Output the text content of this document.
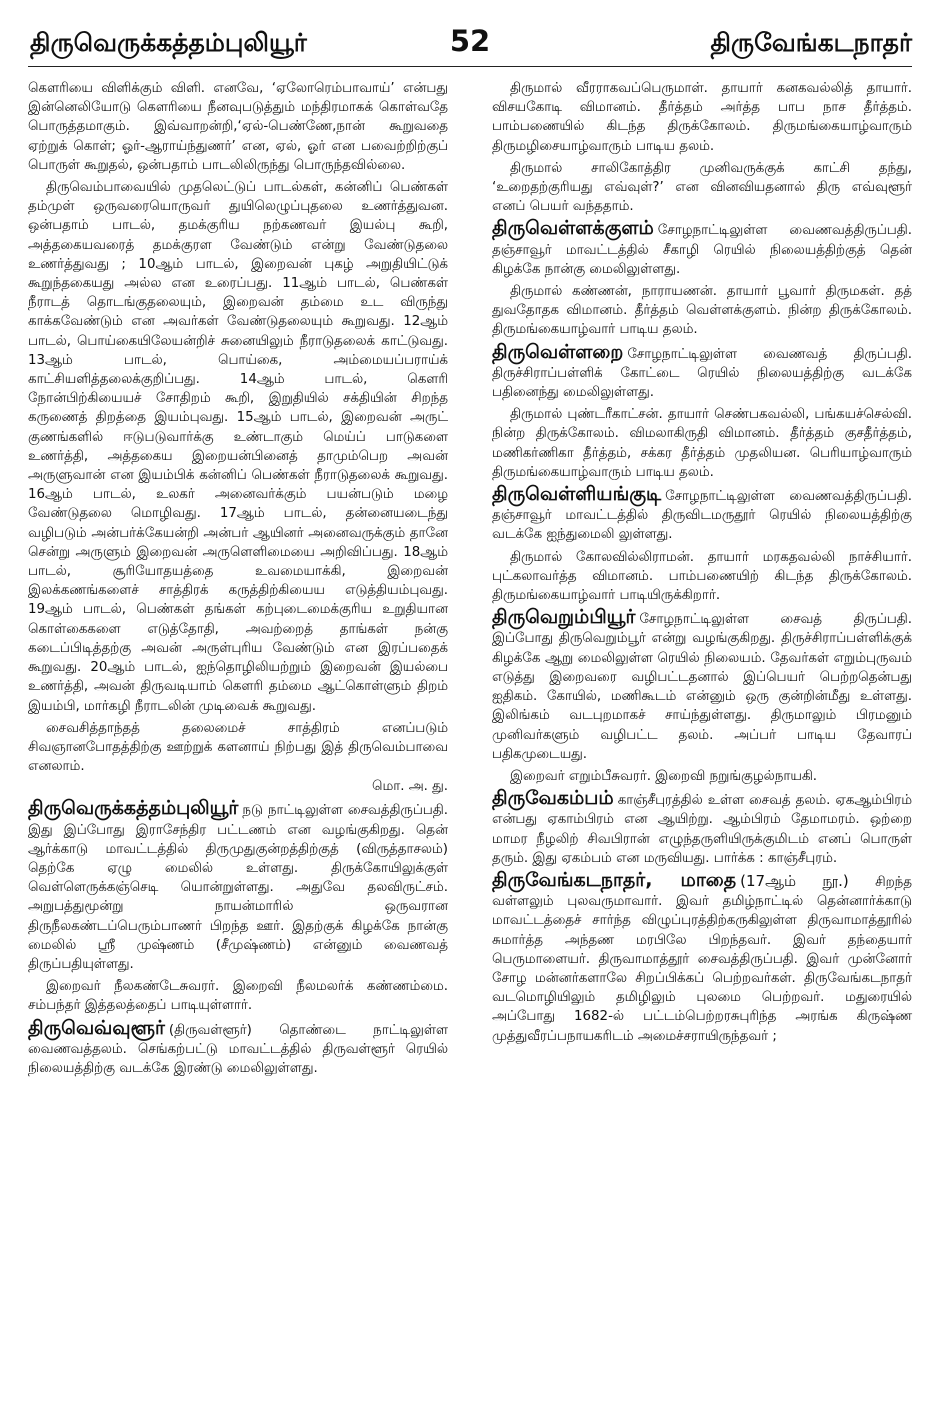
திருவெருக்கத்தம்புலியூர்	52	திருவேங்கடநாதர்

கௌரியை விளிக்கும் விளி. எனவே, ‘ஏலோரெம்பாவாய்’ என்பது இன்னெலியோடு கௌரியை நீனவுபடுத்தும் மந்திரமாகக் கொள்வதே பொருத்தமாகும். இவ்வாறன்றி,‘ஏல்-பெண்ணே,நான் கூறுவதை ஏற்றுக் கொள்; ஓர்-ஆராய்ந்துணர்’ என, ஏல், ஓர் என பவைற்றிற்குப் பொருள் கூறுதல், ஒன்பதாம் பாடலிலிருந்து பொருந்தவில்லை.

திருவெம்பாவையில் முதலெட்டுப் பாடல்கள், கன்னிப் பெண்கள் தம்முள் ஒருவரையொருவர் துயிலெழுப்புதலை உணர்த்துவன. ஒன்பதாம் பாடல், தமக்குரிய நற்கணவர் இயல்பு கூறி, அத்தகையவரைத் தமக்குரள வேண்டும் என்று வேண்டுதலை உணர்த்துவது ; 10ஆம் பாடல், இறைவன் புகழ் அறுதியிட்டுக் கூறுந்தகையது அல்ல என உரைப்பது. 11ஆம் பாடல், பெண்கள் நீராடத் தொடங்குதலையும், இறைவன் தம்மை உட விருந்து காக்கவேண்டும் என அவர்கள் வேண்டுதலையும் கூறுவது. 12ஆம் பாடல், பொய்கையிலேயன்றிச் சுனையிலும் நீராடுதலைக் காட்டுவது. 13ஆம் பாடல், பொய்கை, அம்மையப்பராய்க் காட்சியளித்தலைக்குறிப்பது. 14ஆம் பாடல், கௌரி நோன்பிற்கியையச் சோதிறம் கூறி, இறுதியில் சக்தியின் சிறந்த கருணைத் திறத்தை இயம்புவது. 15ஆம் பாடல், இறைவன் அருட் குணங்களில் ஈடுபடுவார்க்கு உண்டாகும் மெய்ப் பாடுகளை உணர்த்தி, அத்தகைய இறையன்பினைத் தாமும்பெற அவன் அருளுவான் என இயம்பிக் கன்னிப் பெண்கள் நீராடுதலைக் கூறுவது. 16ஆம் பாடல், உலகர் அனைவர்க்கும் பயன்படும் மழை வேண்டுதலை மொழிவது. 17ஆம் பாடல், தன்னையடைந்து வழிபடும் அன்பர்க்கேயன்றி அன்பர் ஆயினர் அனைவருக்கும் தானே சென்று அருளும் இறைவன் அருளெளிமையை அறிவிப்பது. 18ஆம் பாடல், சூரியோதயத்தை உவமையாக்கி, இறைவன் இலக்கணங்களைச் சாத்திரக் கருத்திற்கியைய எடுத்தியம்புவது. 19ஆம் பாடல், பெண்கள் தங்கள் கற்புடைமைக்குரிய உறுதியான கொள்கைகளை எடுத்தோதி, அவற்றைத் தாங்கள் நன்கு கடைப்பிடித்தற்கு அவன் அருள்புரிய வேண்டும் என இரப்பதைக் கூறுவது. 20ஆம் பாடல், ஐந்தொழிலியற்றும் இறைவன் இயல்பை உணர்த்தி, அவன் திருவடியாம் கௌரி தம்மை ஆட்கொள்ளும் திறம் இயம்பி, மார்கழி நீராடலின் முடிவைக் கூறுவது.

சைவசித்தாந்தத் தலைமைச் சாத்திரம் எனப்படும் சிவஞானபோதத்திற்கு ஊற்றுக் களனாய் நிற்பது இத் திருவெம்பாவை எனலாம்.

மொ. அ. து.

திருவெருக்கத்தம்புலியூர் நடு நாட்டிலுள்ள சைவத்திருப்பதி. இது இப்போது இராசேந்திர பட்டணம் என வழங்குகிறது. தென் ஆர்க்காடு மாவட்டத்தில் திருமுதுகுன்றத்திற்குத் (விருத்தாசலம்) தெற்கே ஏழு மைலில் உள்ளது. திருக்கோயிலுக்குள் வெள்ளெருக்கஞ்செடி யொன்றுள்ளது. அதுவே தலவிருட்சம். அறுபத்துமூன்று நாயன்மாரில் ஒருவரான திருநீலகண்டப்பெரும்பாணர் பிறந்த ஊர். இதற்குக் கிழக்கே நான்கு மைலில் ஸ்ரீ முஷ்ணம் (சீமுஷ்ணம்) என்னும் வைணவத் திருப்பதியுள்ளது.

இறைவர் நீலகண்டேசுவரர். இறைவி நீலமலர்க் கண்ணம்மை. சம்பந்தர் இத்தலத்தைப் பாடியுள்ளார்.

திருவெவ்வுளூர் (திருவள்ளூர்) தொண்டை நாட்டிலுள்ள வைணவத்தலம். செங்கற்பட்டு மாவட்டத்தில் திருவள்ளூர் ரெயில் நிலையத்திற்கு வடக்கே இரண்டு மைலிலுள்ளது.

திருமால் வீரராகவப்பெருமாள். தாயார் கனகவல்லித் தாயார். விசயகோடி விமானம். தீர்த்தம் அர்த்த பாப நாச தீர்த்தம். பாம்பணையில் கிடந்த திருக்கோலம். திருமங்கையாழ்வாரும் திருமழிசையாழ்வாரும் பாடிய தலம்.

திருமால் சாலிகோத்திர முனிவருக்குக் காட்சி தந்து, ‘உறைதற்குரியது எவ்வுள்?’ என வினவியதனால் திரு எவ்வுளூர் எனப் பெயர் வந்ததாம்.

திருவெள்ளக்குளம் சோழநாட்டிலுள்ள வைணவத்திருப்பதி. தஞ்சாவூர் மாவட்டத்தில் சீகாழி ரெயில் நிலையத்திற்குத் தென் கிழக்கே நான்கு மைலிலுள்ளது.

திருமால் கண்ணன், நாராயணன். தாயார் பூவார் திருமகள். தத் துவதோதக விமானம். தீர்த்தம் வெள்ளக்குளம். நின்ற திருக்கோலம். திருமங்கையாழ்வார் பாடிய தலம்.

திருவெள்ளறை சோழநாட்டிலுள்ள வைணவத் திருப்பதி. திருச்சிராப்பள்ளிக் கோட்டை ரெயில் நிலையத்திற்கு வடக்கே பதினைந்து மைலிலுள்ளது.

திருமால் புண்டரீகாட்சன். தாயார் செண்பகவல்லி, பங்கயச்செல்வி. நின்ற திருக்கோலம். விமலாகிருதி விமானம். தீர்த்தம் குசதீர்த்தம், மணிகர்ணிகா தீர்த்தம், சக்கர தீர்த்தம் முதலியன. பெரியாழ்வாரும் திருமங்கையாழ்வாரும் பாடிய தலம்.

திருவெள்ளியங்குடி சோழநாட்டிலுள்ள வைணவத்திருப்பதி. தஞ்சாவூர் மாவட்டத்தில் திருவிடமருதூர் ரெயில் நிலையத்திற்கு வடக்கே ஐந்துமைலி லுள்ளது.

திருமால் கோலவில்லிராமன். தாயார் மரகதவல்லி நாச்சியார். புட்கலாவர்த்த விமானம். பாம்பணையிற் கிடந்த திருக்கோலம். திருமங்கையாழ்வார் பாடியிருக்கிறார்.

திருவெறும்பியூர் சோழநாட்டிலுள்ள சைவத் திருப்பதி. இப்போது திருவெறும்பூர் என்று வழங்குகிறது. திருச்சிராப்பள்ளிக்குக் கிழக்கே ஆறு மைலிலுள்ள ரெயில் நிலையம். தேவர்கள் எறும்புருவம் எடுத்து இறைவரை வழிபட்டதனால் இப்பெயர் பெற்றதென்பது ஐதிகம். கோயில், மணிகூடம் என்னும் ஒரு குன்றின்மீது உள்ளது. இலிங்கம் வடபுறமாகச் சாய்ந்துள்ளது. திருமாலும் பிரமனும் முனிவர்களும் வழிபட்ட தலம். அப்பர் பாடிய தேவாரப் பதிகமுடையது.

இறைவர் எறும்பீசுவரர். இறைவி நறுங்குழல்நாயகி.

திருவேகம்பம் காஞ்சீபுரத்தில் உள்ள சைவத் தலம். ஏகஆம்பிரம் என்பது ஏகாம்பிரம் என ஆயிற்று. ஆம்பிரம் தேமாமரம். ஒற்றை மாமர நீழலிற் சிவபிரான் எழுந்தருளியிருக்குமிடம் எனப் பொருள் தரும். இது ஏகம்பம் என மருவியது. பார்க்க : காஞ்சீபுரம்.

திருவேங்கடநாதர், மாதை (17ஆம் நூ.) சிறந்த வள்ளலும் புலவருமாவார். இவர் தமிழ்நாட்டில் தென்னார்க்காடு மாவட்டத்தைச் சார்ந்த விழுப்புரத்திற்கருகிலுள்ள திருவாமாத்தூரில் சுமார்த்த அந்தண மரபிலே பிறந்தவர். இவர் தந்தையார் பெருமாளையர். திருவாமாத்தூர் சைவத்திருப்பதி. இவர் முன்னோர் சோழ மன்னர்களாலே சிறப்பிக்கப் பெற்றவர்கள். திருவேங்கடநாதர் வடமொழியிலும் தமிழிலும் புலமை பெற்றவர். மதுரையில் அப்போது 1682-ல் பட்டம்பெற்றரசுபுரிந்த அரங்க கிருஷ்ண முத்துவீரப்பநாயகரிடம் அமைச்சராயிருந்தவர் ;
